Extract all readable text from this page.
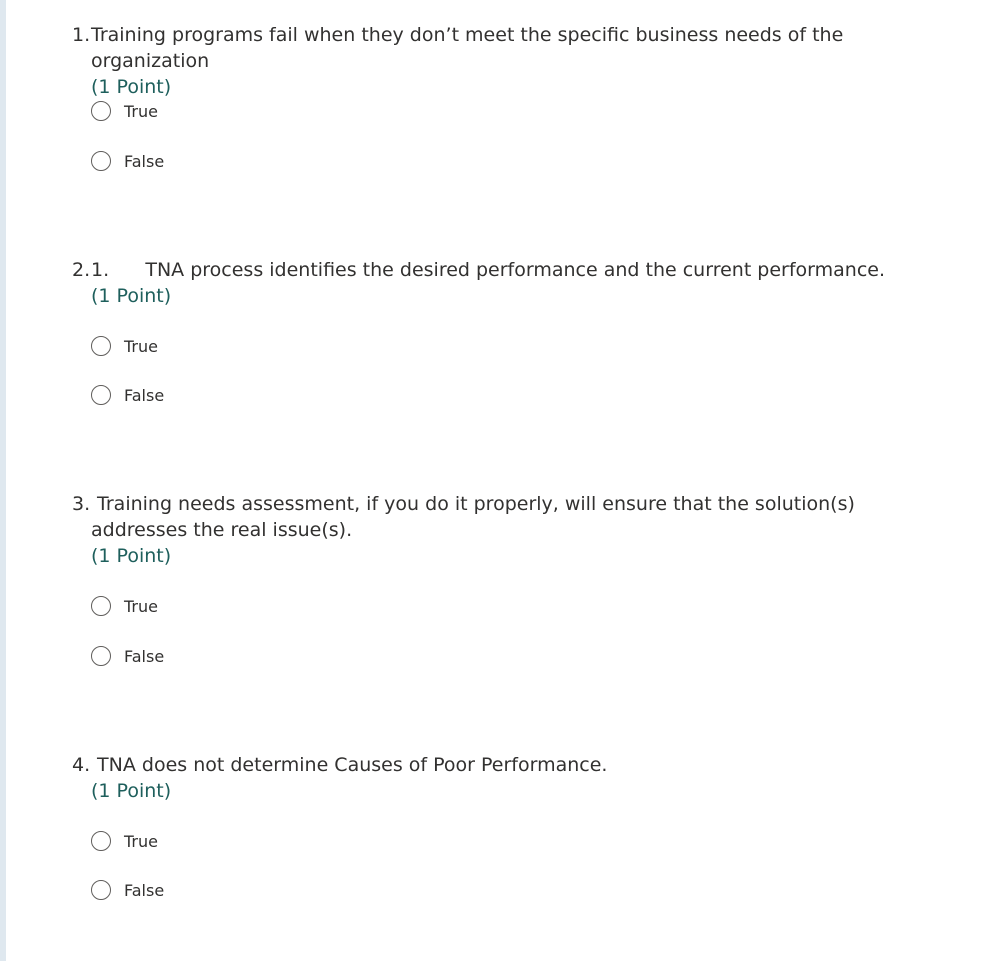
1. Training programs fail when they don’t meet the specific business needs of the organization
(1 Point)
True
False
2. 1.      TNA process identifies the desired performance and the current performance.
(1 Point)
True
False
3. Training needs assessment, if you do it properly, will ensure that the solution(s) addresses the real issue(s).
(1 Point)
True
False
4. TNA does not determine Causes of Poor Performance.
(1 Point)
True
False
